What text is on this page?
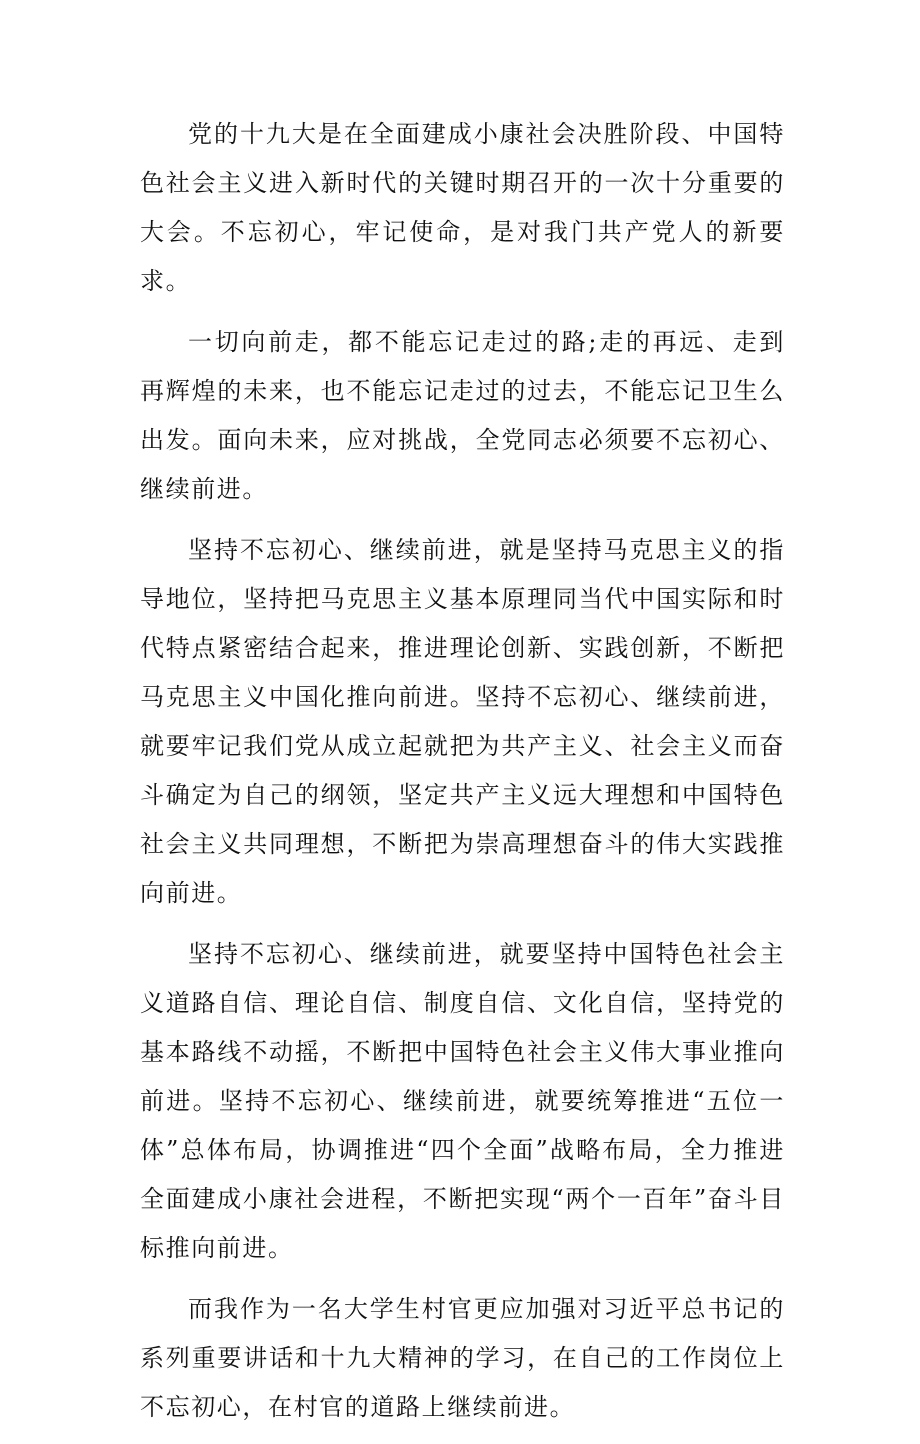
党的十九大是在全面建成小康社会决胜阶段、中国特色社会主义进入新时代的关键时期召开的一次十分重要的大会。不忘初心，牢记使命，是对我门共产党人的新要求。

一切向前走，都不能忘记走过的路;走的再远、走到再辉煌的未来，也不能忘记走过的过去，不能忘记卫生么出发。面向未来，应对挑战，全党同志必须要不忘初心、继续前进。

坚持不忘初心、继续前进，就是坚持马克思主义的指导地位，坚持把马克思主义基本原理同当代中国实际和时代特点紧密结合起来，推进理论创新、实践创新，不断把马克思主义中国化推向前进。坚持不忘初心、继续前进，就要牢记我们党从成立起就把为共产主义、社会主义而奋斗确定为自己的纲领，坚定共产主义远大理想和中国特色社会主义共同理想，不断把为崇高理想奋斗的伟大实践推向前进。

坚持不忘初心、继续前进，就要坚持中国特色社会主义道路自信、理论自信、制度自信、文化自信，坚持党的基本路线不动摇，不断把中国特色社会主义伟大事业推向前进。坚持不忘初心、继续前进，就要统筹推进“五位一体”总体布局，协调推进“四个全面”战略布局，全力推进全面建成小康社会进程，不断把实现“两个一百年”奋斗目标推向前进。

而我作为一名大学生村官更应加强对习近平总书记的系列重要讲话和十九大精神的学习，在自己的工作岗位上不忘初心，在村官的道路上继续前进。
